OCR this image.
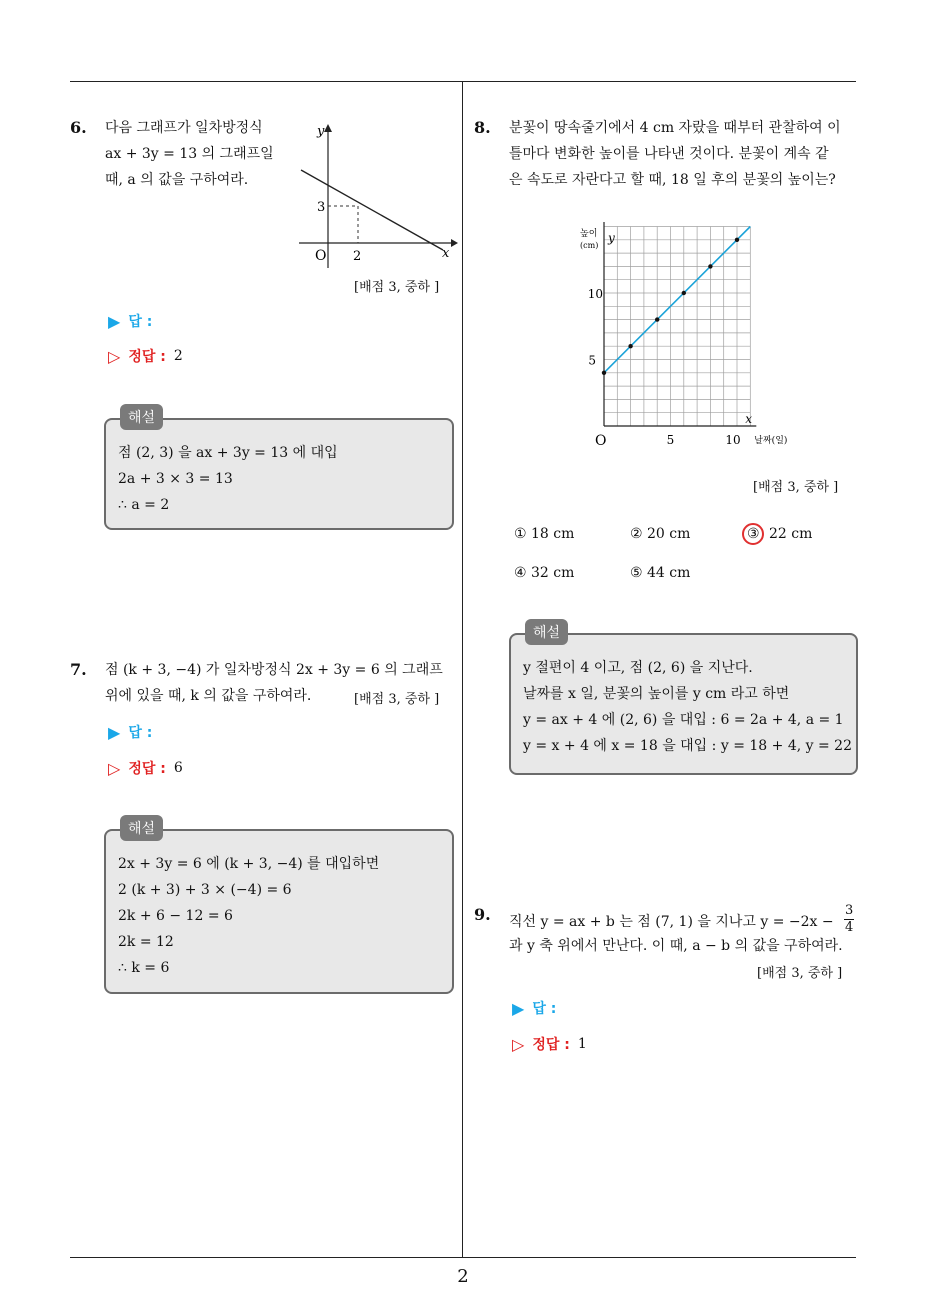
2
6. 다음 그래프가 일차방정식
ax + 3y = 13 의 그래프일
때, a 의 값을 구하여라.
y
x
O 2
3
[배점 3, 중하 ]
▶ 답 :
▷ 정답 : 2
해설
점 (2, 3) 을 ax + 3y = 13 에 대입
2a + 3 × 3 = 13
∴ a = 2
7. 점 (k + 3, −4) 가 일차방정식 2x + 3y = 6 의 그래프
위에 있을 때, k 의 값을 구하여라.	[배점 3, 중하 ]
▶ 답 :
▷ 정답 : 6
해설
2x + 3y = 6 에 (k + 3, −4) 를 대입하면
2 (k + 3) + 3 × (−4) = 6
2k + 6 − 12 = 6
2k = 12
∴ k = 6
8. 분꽃이 땅속줄기에서 4 cm 자랐을 때부터 관찰하여 이
틀마다 변화한 높이를 나타낸 것이다. 분꽃이 계속 같
은 속도로 자란다고 할 때, 18 일 후의 분꽃의 높이는?
높이
(cm)
y
x
날짜(일)
O	5	10
5
10
[배점 3, 중하 ]
① 18 cm	② 20 cm	③ 22 cm
④ 32 cm	⑤ 44 cm
해설
y 절편이 4 이고, 점 (2, 6) 을 지난다.
날짜를 x 일, 분꽃의 높이를 y cm 라고 하면
y = ax + 4 에 (2, 6) 을 대입 : 6 = 2a + 4, a = 1
y = x + 4 에 x = 18 을 대입 : y = 18 + 4, y = 22
9. 직선 y = ax + b 는 점 (7, 1) 을 지나고 $y = -2x - \frac{3}{4}$
과 y 축 위에서 만난다. 이 때, a − b 의 값을 구하여라.
[배점 3, 중하 ]
▶ 답 :
▷ 정답 : 1
